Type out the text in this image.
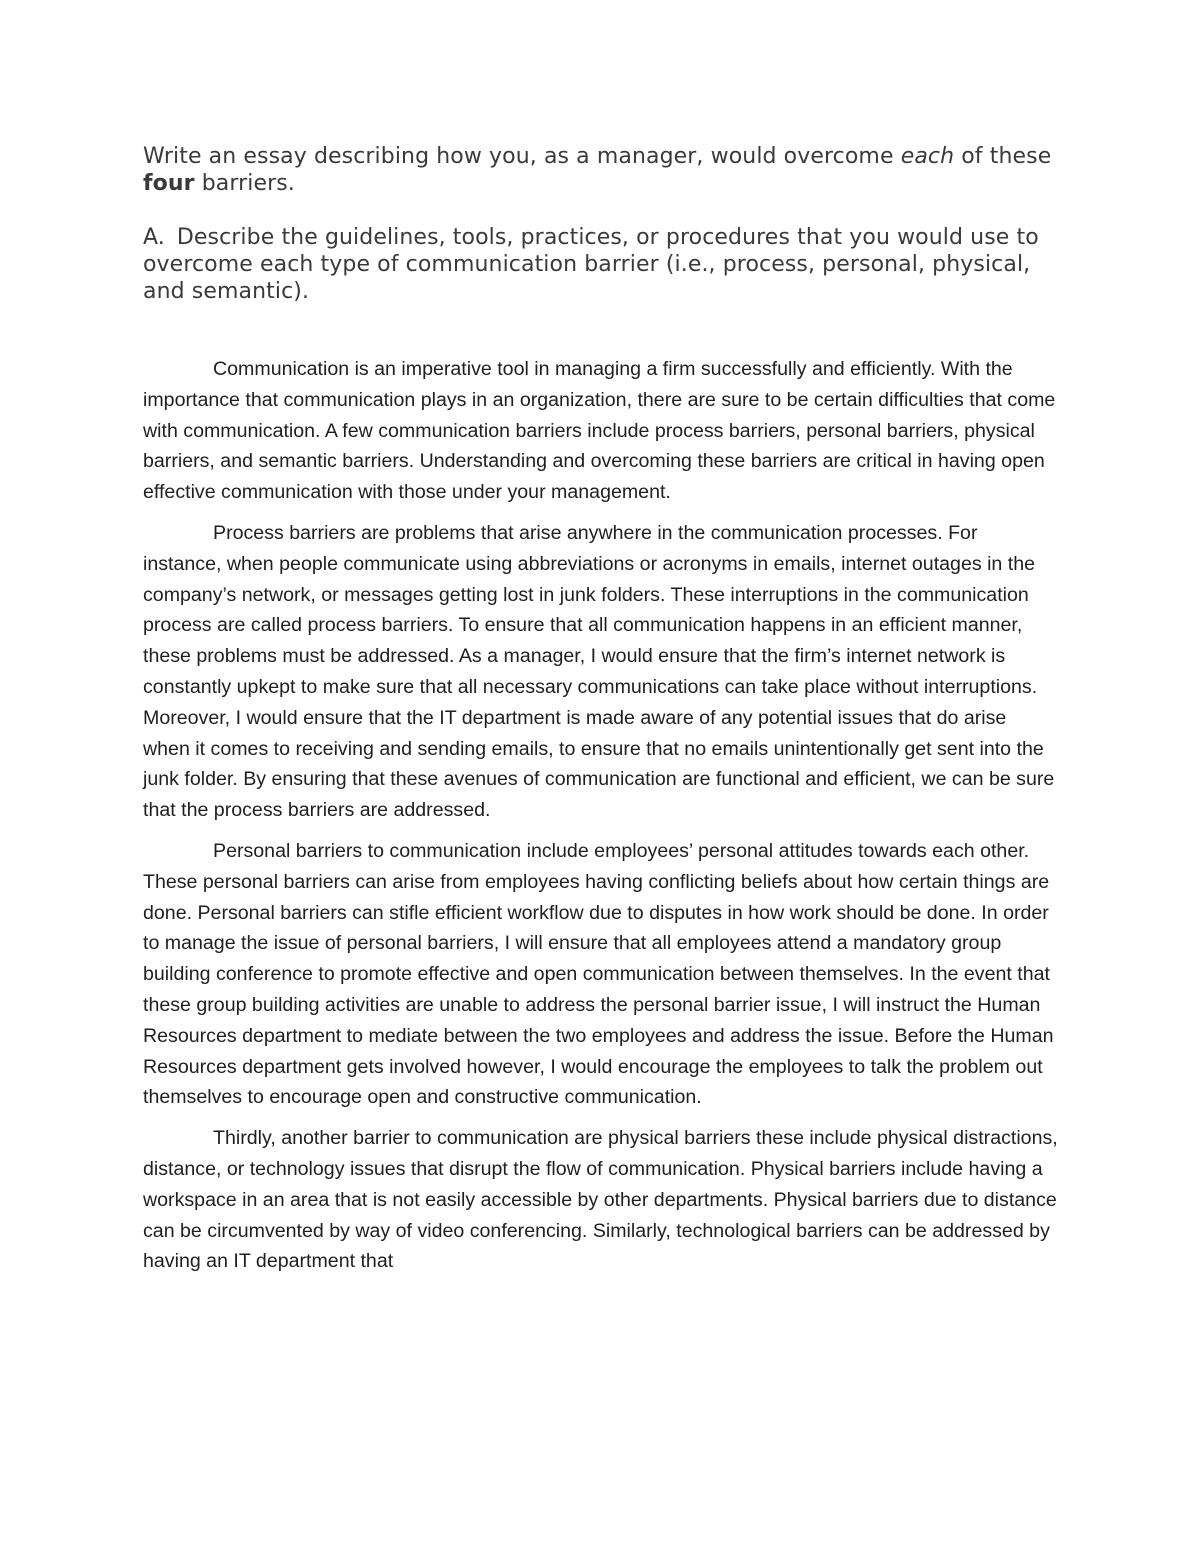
Write an essay describing how you, as a manager, would overcome each of these four barriers.
A. Describe the guidelines, tools, practices, or procedures that you would use to overcome each type of communication barrier (i.e., process, personal, physical, and semantic).

Communication is an imperative tool in managing a firm successfully and efficiently. With the importance that communication plays in an organization, there are sure to be certain difficulties that come with communication. A few communication barriers include process barriers, personal barriers, physical barriers, and semantic barriers. Understanding and overcoming these barriers are critical in having open effective communication with those under your management.

Process barriers are problems that arise anywhere in the communication processes. For instance, when people communicate using abbreviations or acronyms in emails, internet outages in the company’s network, or messages getting lost in junk folders. These interruptions in the communication process are called process barriers. To ensure that all communication happens in an efficient manner, these problems must be addressed. As a manager, I would ensure that the firm’s internet network is constantly upkept to make sure that all necessary communications can take place without interruptions. Moreover, I would ensure that the IT department is made aware of any potential issues that do arise when it comes to receiving and sending emails, to ensure that no emails unintentionally get sent into the junk folder. By ensuring that these avenues of communication are functional and efficient, we can be sure that the process barriers are addressed.

Personal barriers to communication include employees’ personal attitudes towards each other. These personal barriers can arise from employees having conflicting beliefs about how certain things are done. Personal barriers can stifle efficient workflow due to disputes in how work should be done. In order to manage the issue of personal barriers, I will ensure that all employees attend a mandatory group building conference to promote effective and open communication between themselves. In the event that these group building activities are unable to address the personal barrier issue, I will instruct the Human Resources department to mediate between the two employees and address the issue. Before the Human Resources department gets involved however, I would encourage the employees to talk the problem out themselves to encourage open and constructive communication.

Thirdly, another barrier to communication are physical barriers these include physical distractions, distance, or technology issues that disrupt the flow of communication. Physical barriers include having a workspace in an area that is not easily accessible by other departments. Physical barriers due to distance can be circumvented by way of video conferencing. Similarly, technological barriers can be addressed by having an IT department that
